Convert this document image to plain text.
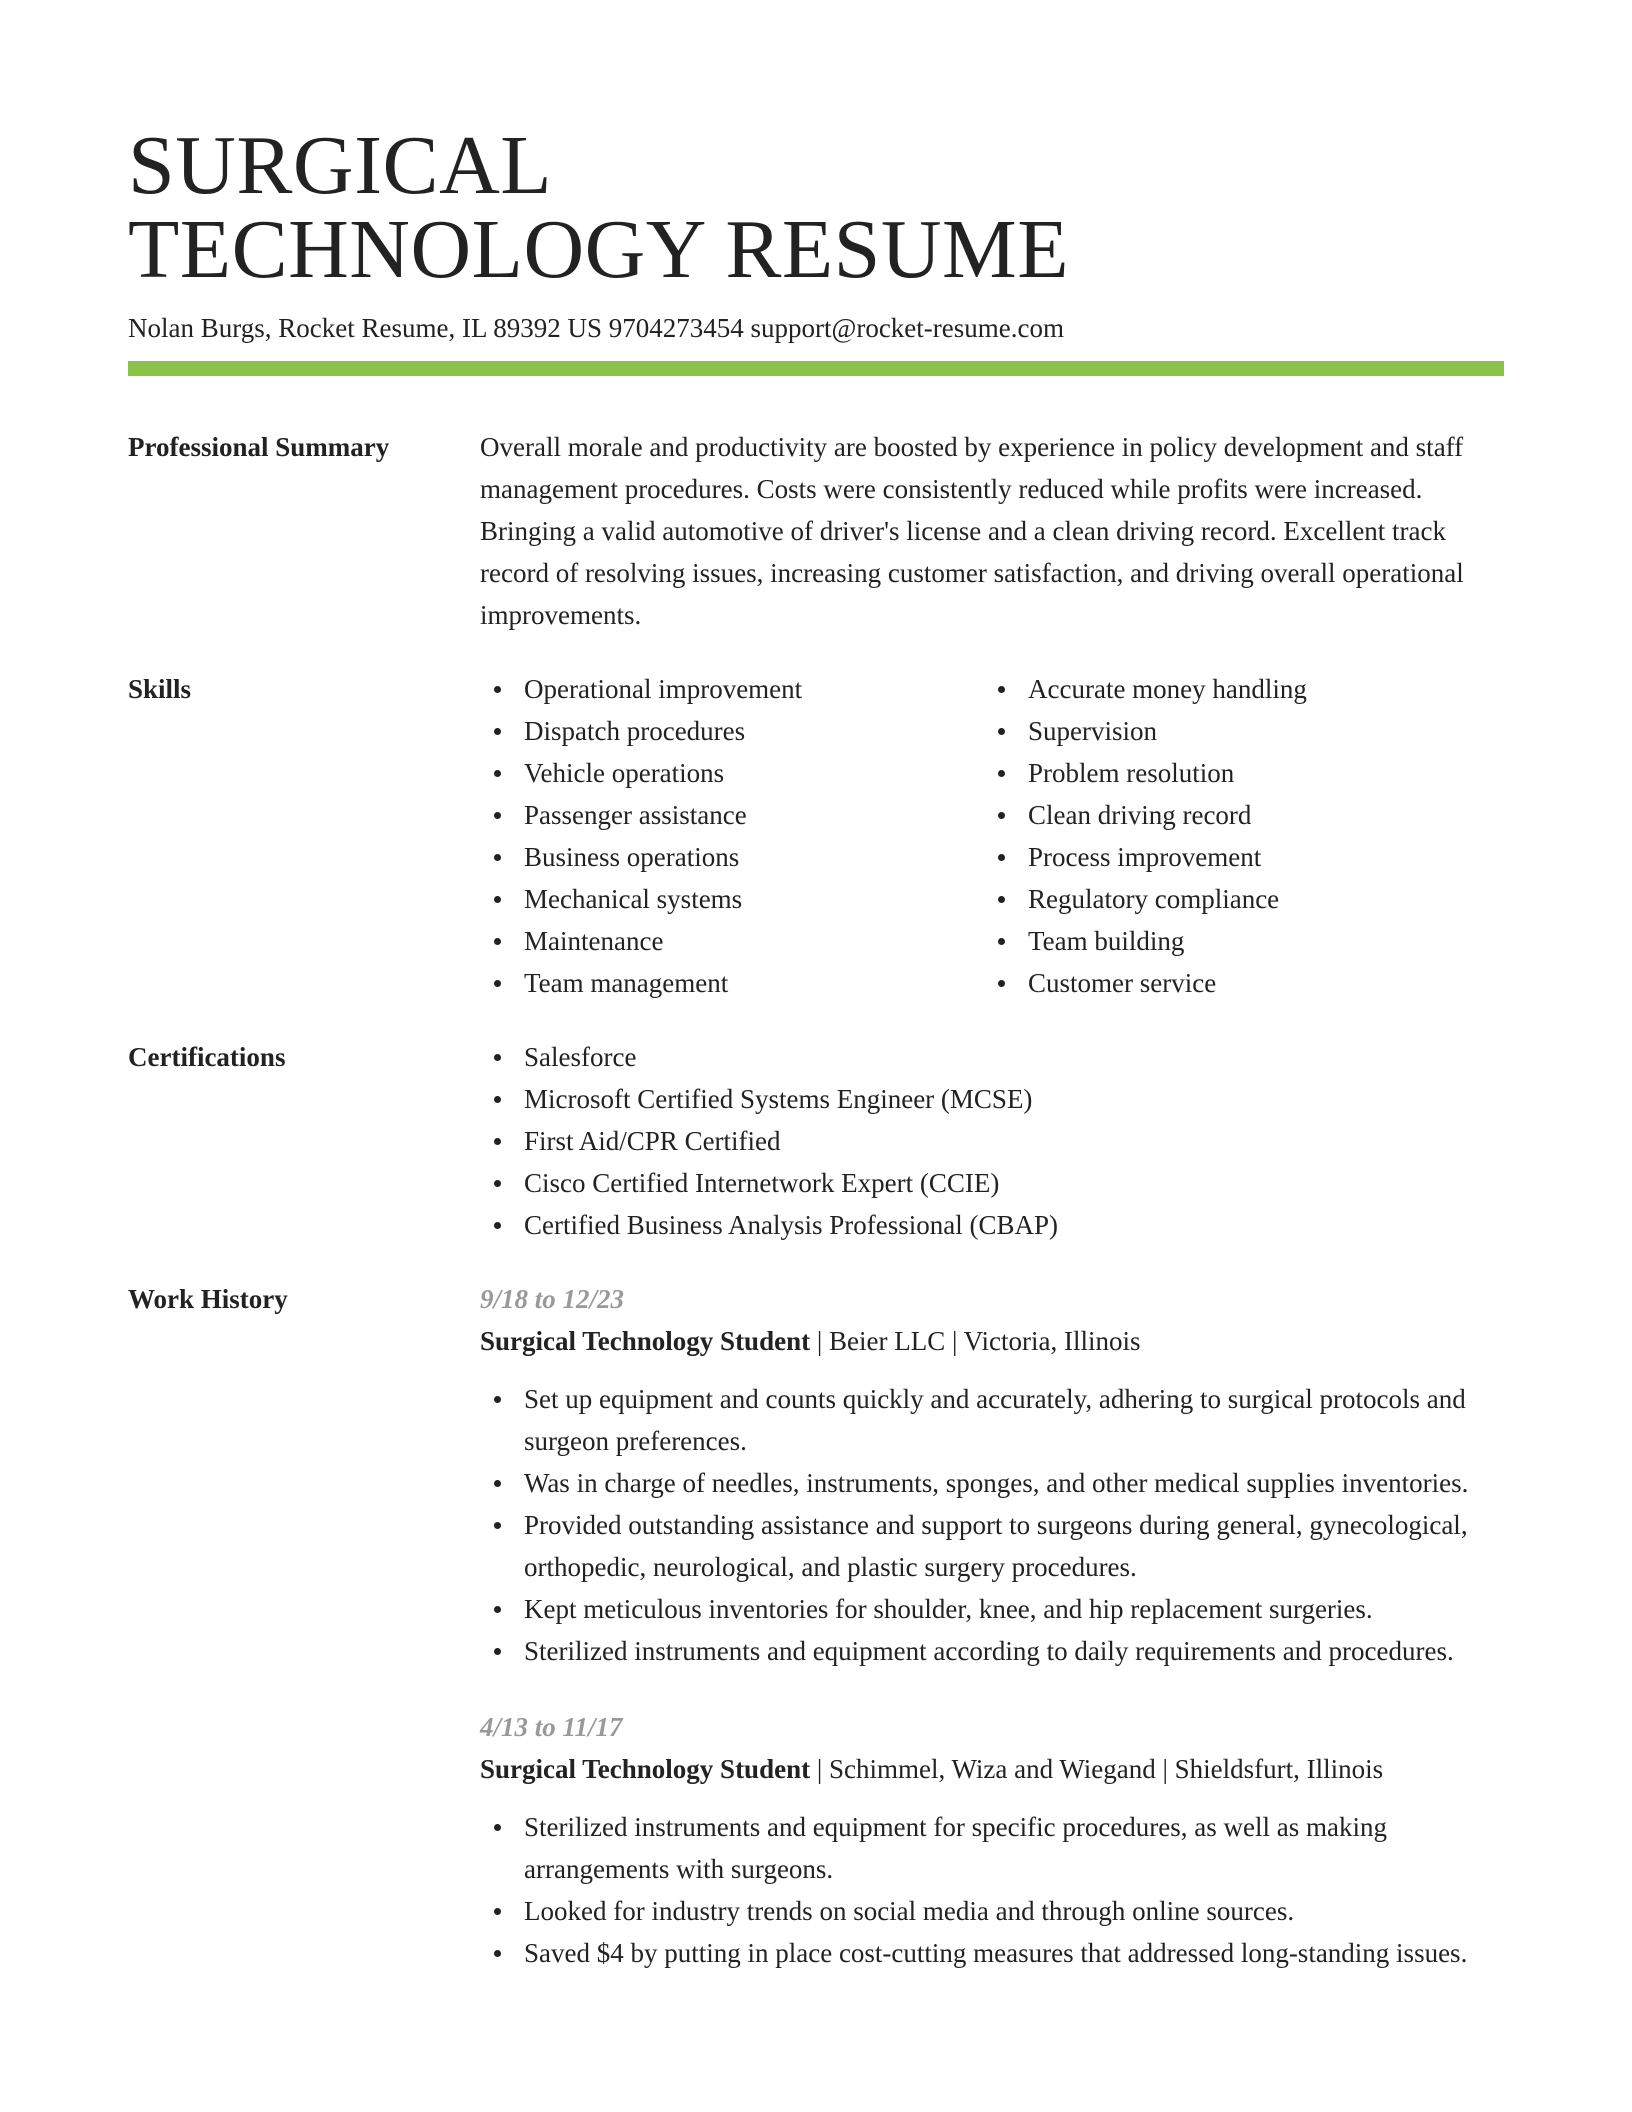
SURGICAL
TECHNOLOGY RESUME
Nolan Burgs, Rocket Resume, IL 89392 US 9704273454 support@rocket-resume.com
Professional Summary	Overall morale and productivity are boosted by experience in policy development and staff management procedures. Costs were consistently reduced while profits were increased. Bringing a valid automotive of driver's license and a clean driving record. Excellent track record of resolving issues, increasing customer satisfaction, and driving overall operational improvements.
Skills	Operational improvement
Dispatch procedures
Vehicle operations
Passenger assistance
Business operations
Mechanical systems
Maintenance
Team management
Accurate money handling
Supervision
Problem resolution
Clean driving record
Process improvement
Regulatory compliance
Team building
Customer service
Certifications	Salesforce
Microsoft Certified Systems Engineer (MCSE)
First Aid/CPR Certified
Cisco Certified Internetwork Expert (CCIE)
Certified Business Analysis Professional (CBAP)
Work History	9/18 to 12/23
Surgical Technology Student | Beier LLC | Victoria, Illinois
Set up equipment and counts quickly and accurately, adhering to surgical protocols and surgeon preferences.
Was in charge of needles, instruments, sponges, and other medical supplies inventories.
Provided outstanding assistance and support to surgeons during general, gynecological, orthopedic, neurological, and plastic surgery procedures.
Kept meticulous inventories for shoulder, knee, and hip replacement surgeries.
Sterilized instruments and equipment according to daily requirements and procedures.
4/13 to 11/17
Surgical Technology Student | Schimmel, Wiza and Wiegand | Shieldsfurt, Illinois
Sterilized instruments and equipment for specific procedures, as well as making arrangements with surgeons.
Looked for industry trends on social media and through online sources.
Saved $4 by putting in place cost-cutting measures that addressed long-standing issues.
